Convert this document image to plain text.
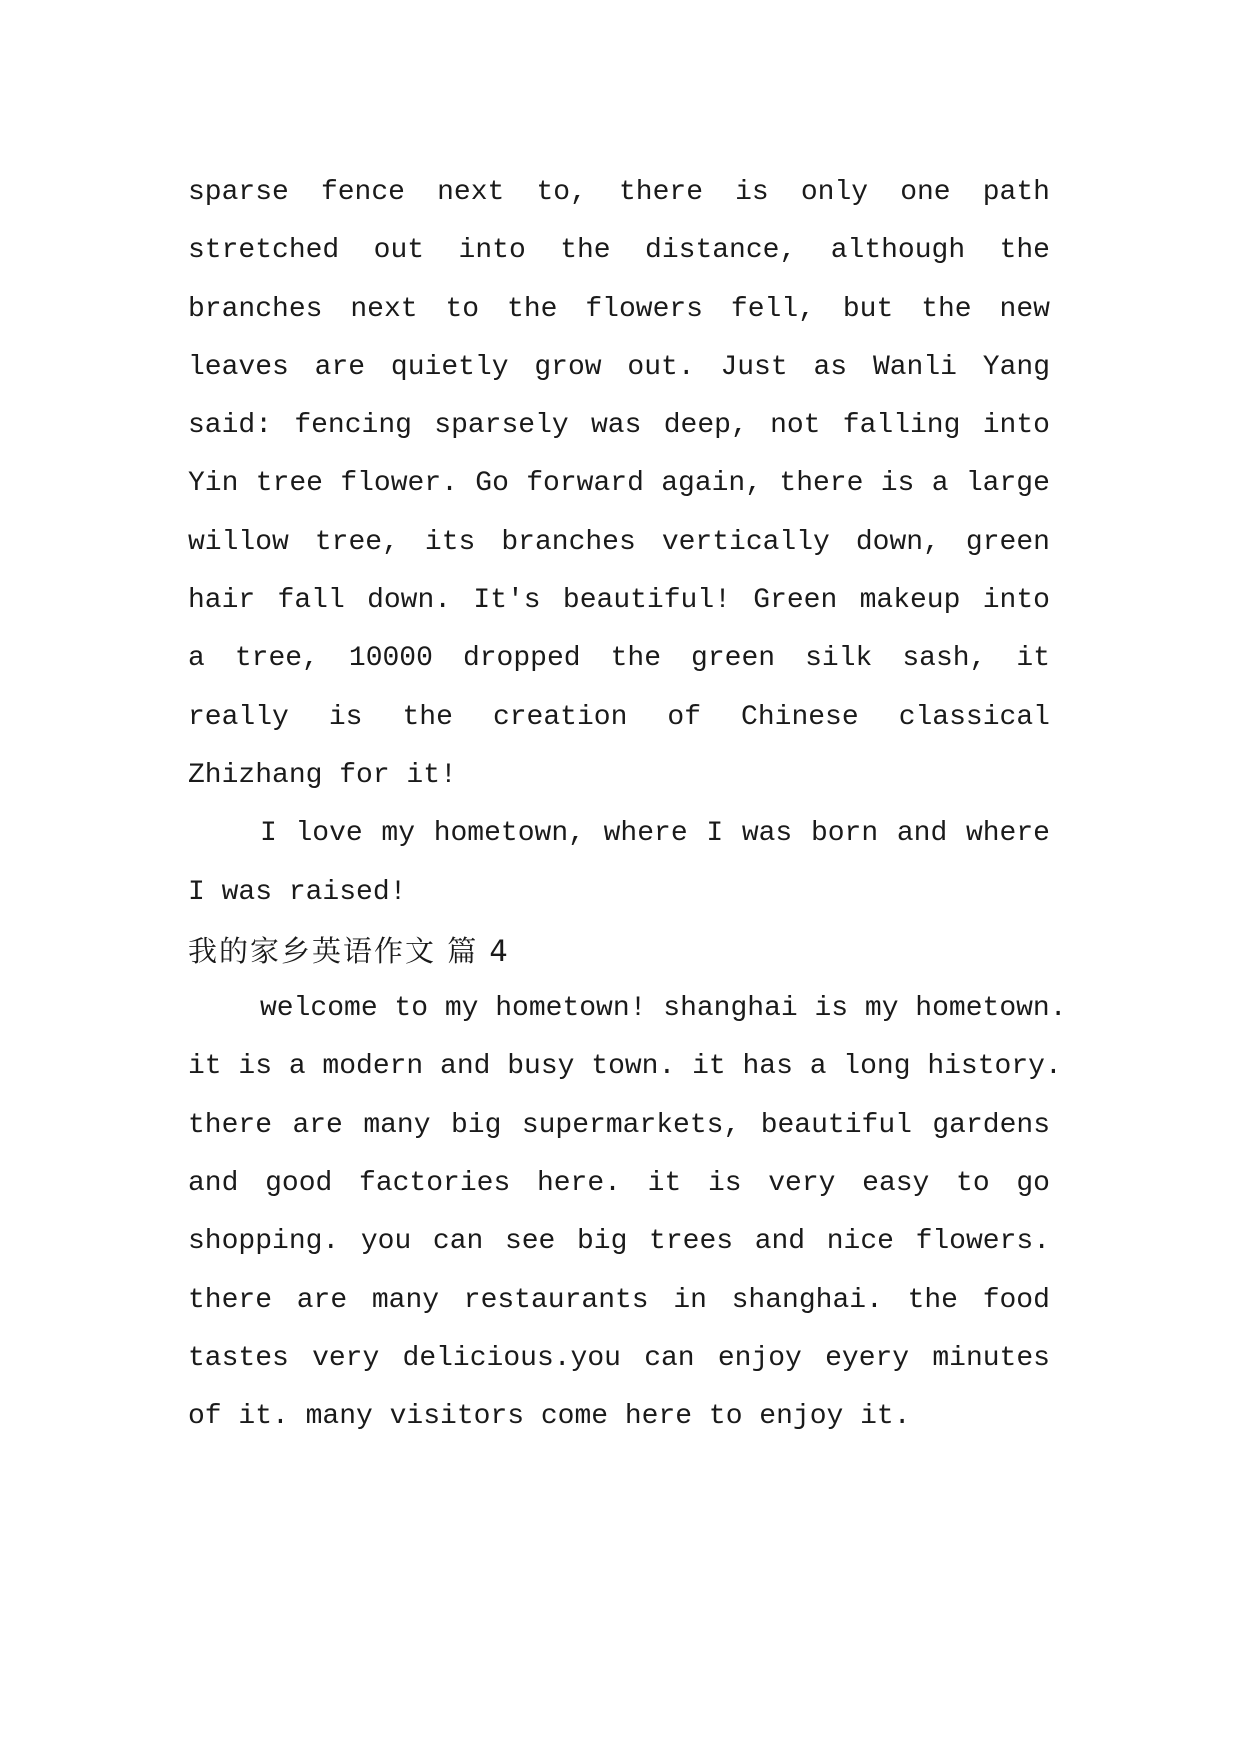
sparse fence next to, there is only one path
stretched out into the distance, although the
branches next to the flowers fell, but the new
leaves are quietly grow out. Just as Wanli Yang
said: fencing sparsely was deep, not falling into
Yin tree flower. Go forward again, there is a large
willow tree, its branches vertically down, green
hair fall down. It's beautiful! Green makeup into
a tree, 10000 dropped the green silk sash, it
really is the creation of Chinese classical
Zhizhang for it!
I love my hometown, where I was born and where
I was raised!
我的家乡英语作文 篇 4
welcome to my hometown! shanghai is my hometown.
it is a modern and busy town. it has a long history.
there are many big supermarkets, beautiful gardens
and good factories here. it is very easy to go
shopping. you can see big trees and nice flowers.
there are many restaurants in shanghai. the food
tastes very delicious.you can enjoy eyery minutes
of it. many visitors come here to enjoy it.
